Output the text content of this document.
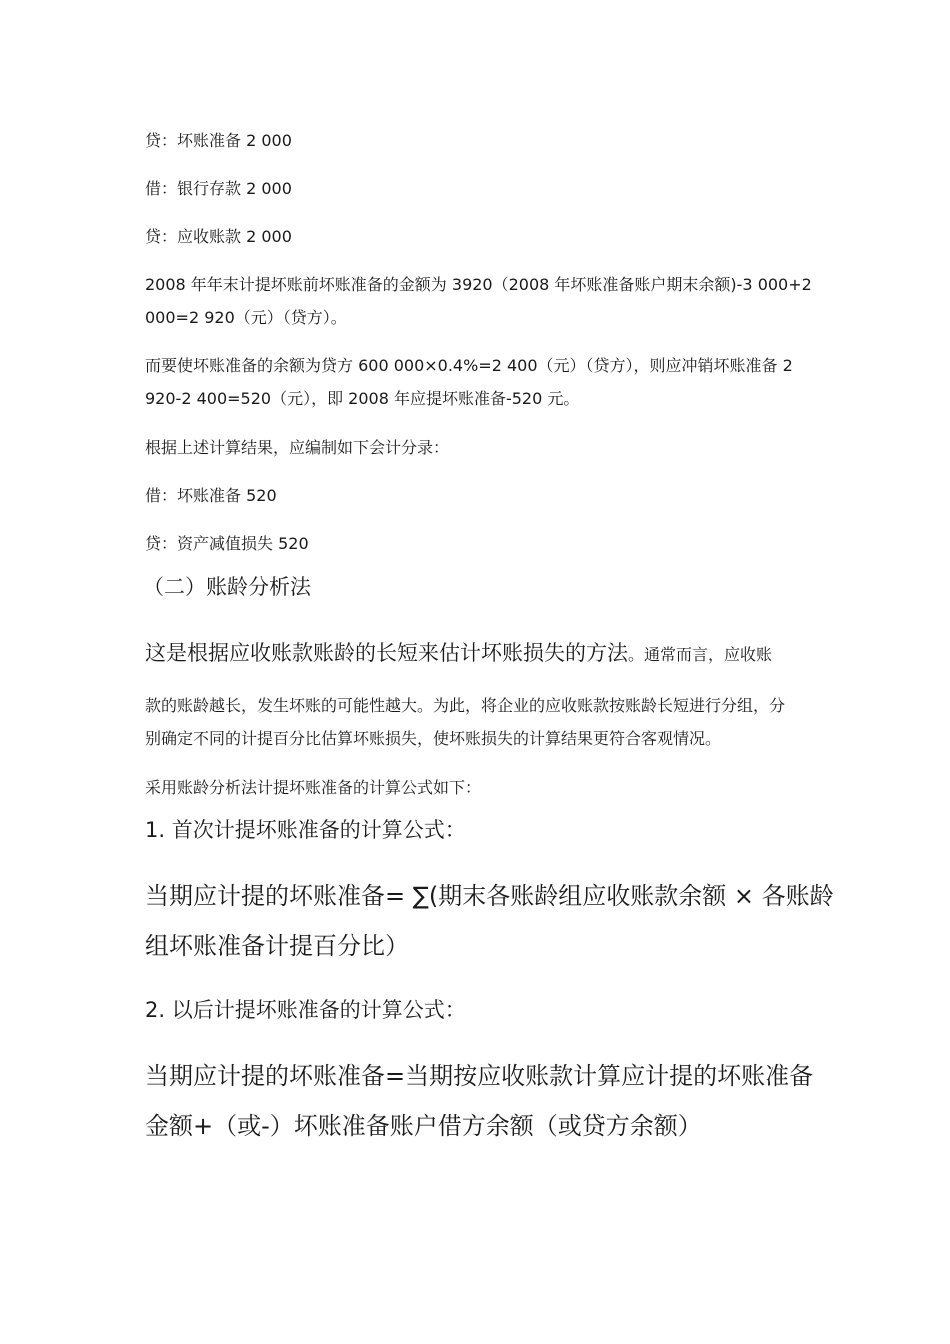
贷：坏账准备 2 000

借：银行存款 2 000

贷：应收账款 2 000

2008 年年末计提坏账前坏账准备的金额为 3920（2008 年坏账准备账户期末余额)-3 000+2

000=2 920（元）（贷方）。

而要使坏账准备的余额为贷方 600 000×0.4%=2 400（元）（贷方），则应冲销坏账准备 2

920-2 400=520（元），即 2008 年应提坏账准备-520 元。

根据上述计算结果，应编制如下会计分录：

借：坏账准备 520

贷：资产减值损失 520

（二）账龄分析法

这是根据应收账款账龄的长短来估计坏账损失的方法。通常而言，应收账

款的账龄越长，发生坏账的可能性越大。为此，将企业的应收账款按账龄长短进行分组，分

别确定不同的计提百分比估算坏账损失，使坏账损失的计算结果更符合客观情况。

采用账龄分析法计提坏账准备的计算公式如下：

1. 首次计提坏账准备的计算公式：

当期应计提的坏账准备= ∑(期末各账龄组应收账款余额 × 各账龄

组坏账准备计提百分比）

2. 以后计提坏账准备的计算公式：

当期应计提的坏账准备=当期按应收账款计算应计提的坏账准备

金额+（或-）坏账准备账户借方余额（或贷方余额）
